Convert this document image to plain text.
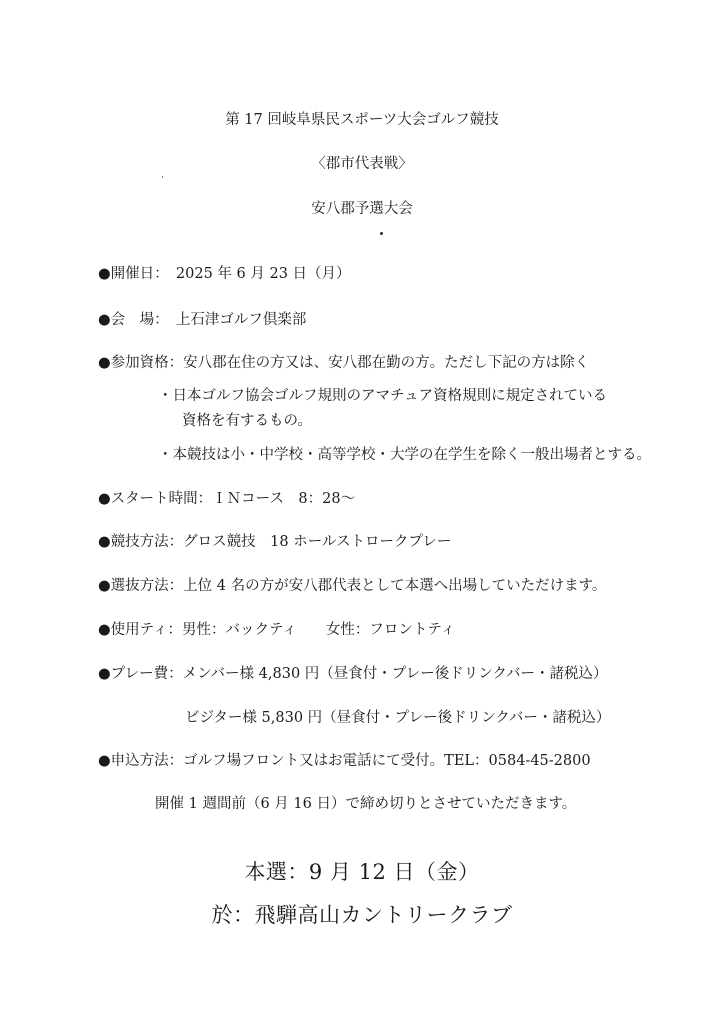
第 17 回岐阜県民スポーツ大会ゴルフ競技
〈郡市代表戦〉
安八郡予選大会
●開催日：　2025 年 6 月 23 日（月）
●会　場：　上石津ゴルフ倶楽部
●参加資格：安八郡在住の方又は、安八郡在勤の方。ただし下記の方は除く
・日本ゴルフ協会ゴルフ規則のアマチュア資格規則に規定されている
資格を有するもの。
・本競技は小・中学校・高等学校・大学の在学生を除く一般出場者とする。
●スタート時間：ＩＮコース　8：28～
●競技方法：グロス競技　18 ホールストロークプレー
●選抜方法：上位 4 名の方が安八郡代表として本選へ出場していただけます。
●使用ティ：男性：バックティ　　女性：フロントティ
●プレー費：メンバー様 4,830 円（昼食付・プレー後ドリンクバー・諸税込）
ビジター様 5,830 円（昼食付・プレー後ドリンクバー・諸税込）
●申込方法：ゴルフ場フロント又はお電話にて受付。TEL：0584-45-2800
開催 1 週間前（6 月 16 日）で締め切りとさせていただきます。
本選：9 月 12 日（金）
於：飛騨高山カントリークラブ
